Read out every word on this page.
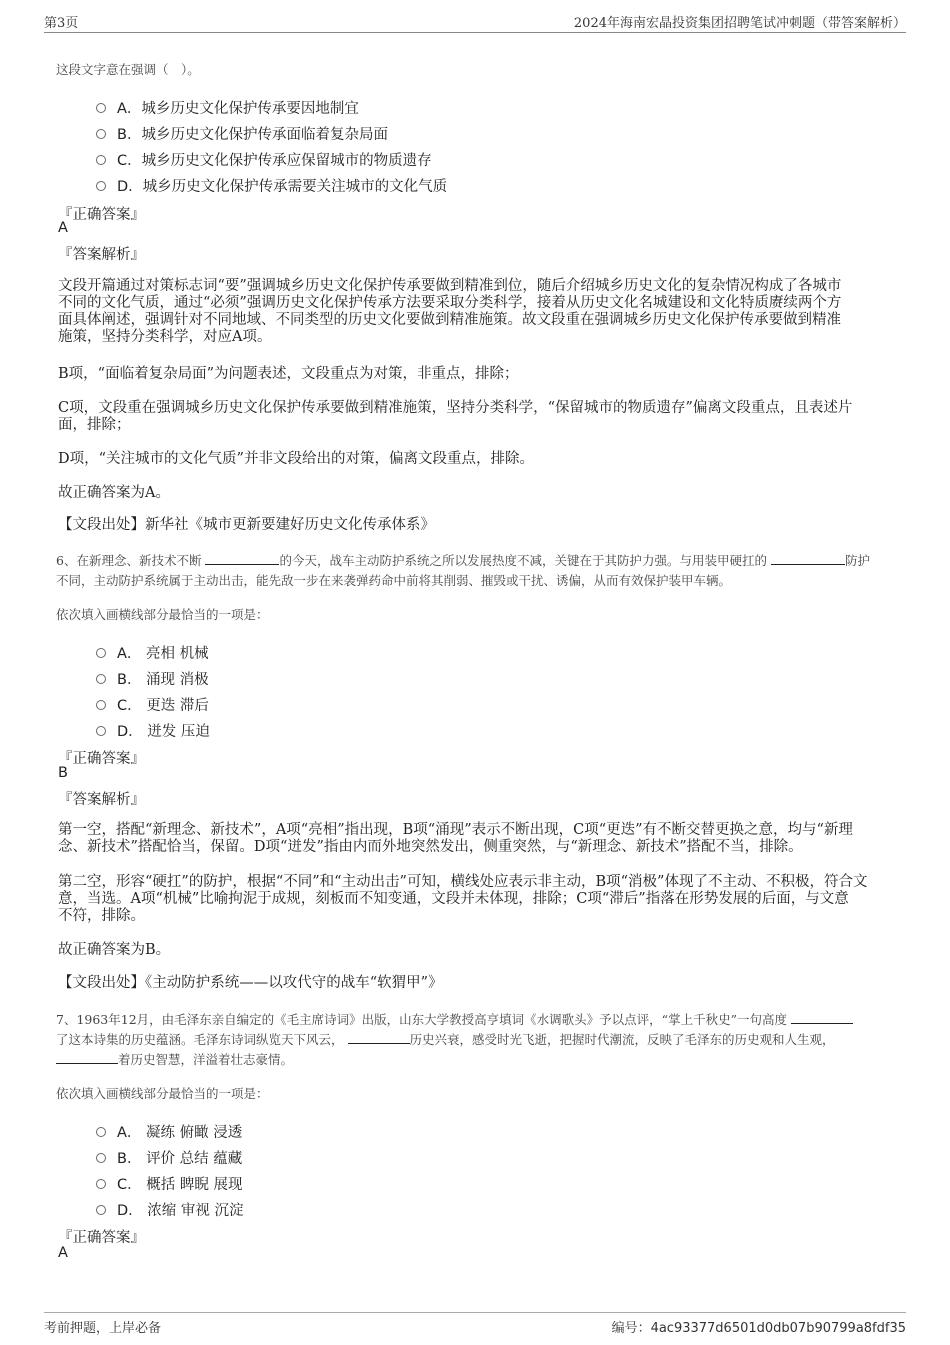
第3页	2024年海南宏晶投资集团招聘笔试冲刺题（带答案解析）
这段文字意在强调（　）。
A．城乡历史文化保护传承要因地制宜
B．城乡历史文化保护传承面临着复杂局面
C．城乡历史文化保护传承应保留城市的物质遗存
D．城乡历史文化保护传承需要关注城市的文化气质
『正确答案』
A
『答案解析』
文段开篇通过对策标志词“要”强调城乡历史文化保护传承要做到精准到位，随后介绍城乡历史文化的复杂情况构成了各城市
不同的文化气质，通过“必须”强调历史文化保护传承方法要采取分类科学，接着从历史文化名城建设和文化特质赓续两个方
面具体阐述，强调针对不同地域、不同类型的历史文化要做到精准施策。故文段重在强调城乡历史文化保护传承要做到精准
施策，坚持分类科学，对应A项。
B项，“面临着复杂局面”为问题表述，文段重点为对策，非重点，排除；
C项，文段重在强调城乡历史文化保护传承要做到精准施策，坚持分类科学，“保留城市的物质遗存”偏离文段重点，且表述片
面，排除；
D项，“关注城市的文化气质”并非文段给出的对策，偏离文段重点，排除。
故正确答案为A。
【文段出处】新华社《城市更新要建好历史文化传承体系》
6、在新理念、新技术不断	的今天，战车主动防护系统之所以发展热度不减，关键在于其防护力强。与用装甲硬扛的	防护
不同，主动防护系统属于主动出击，能先敌一步在来袭弹药命中前将其削弱、摧毁或干扰、诱偏，从而有效保护装甲车辆。
依次填入画横线部分最恰当的一项是：
A． 亮相 机械
B． 涌现 消极
C． 更迭 滞后
D． 迸发 压迫
『正确答案』
B
『答案解析』
第一空，搭配“新理念、新技术”，A项“亮相”指出现，B项“涌现”表示不断出现，C项“更迭”有不断交替更换之意，均与“新理
念、新技术”搭配恰当，保留。D项“迸发”指由内而外地突然发出，侧重突然，与“新理念、新技术”搭配不当，排除。
第二空，形容“硬扛”的防护，根据“不同”和“主动出击”可知，横线处应表示非主动，B项“消极”体现了不主动、不积极，符合文
意，当选。A项“机械”比喻拘泥于成规，刻板而不知变通，文段并未体现，排除；C项“滞后”指落在形势发展的后面，与文意
不符，排除。
故正确答案为B。
【文段出处】《主动防护系统——以攻代守的战车“软猬甲”》
7、1963年12月，由毛泽东亲自编定的《毛主席诗词》出版，山东大学教授高亨填词《水调歌头》予以点评，“掌上千秋史”一句高度
了这本诗集的历史蕴涵。毛泽东诗词纵览天下风云，	历史兴衰，感受时光飞逝，把握时代潮流，反映了毛泽东的历史观和人生观，
着历史智慧，洋溢着壮志豪情。
依次填入画横线部分最恰当的一项是：
A． 凝练 俯瞰 浸透
B． 评价 总结 蕴藏
C． 概括 睥睨 展现
D． 浓缩 审视 沉淀
『正确答案』
A
考前押题，上岸必备	编号：4ac93377d6501d0db07b90799a8fdf35
